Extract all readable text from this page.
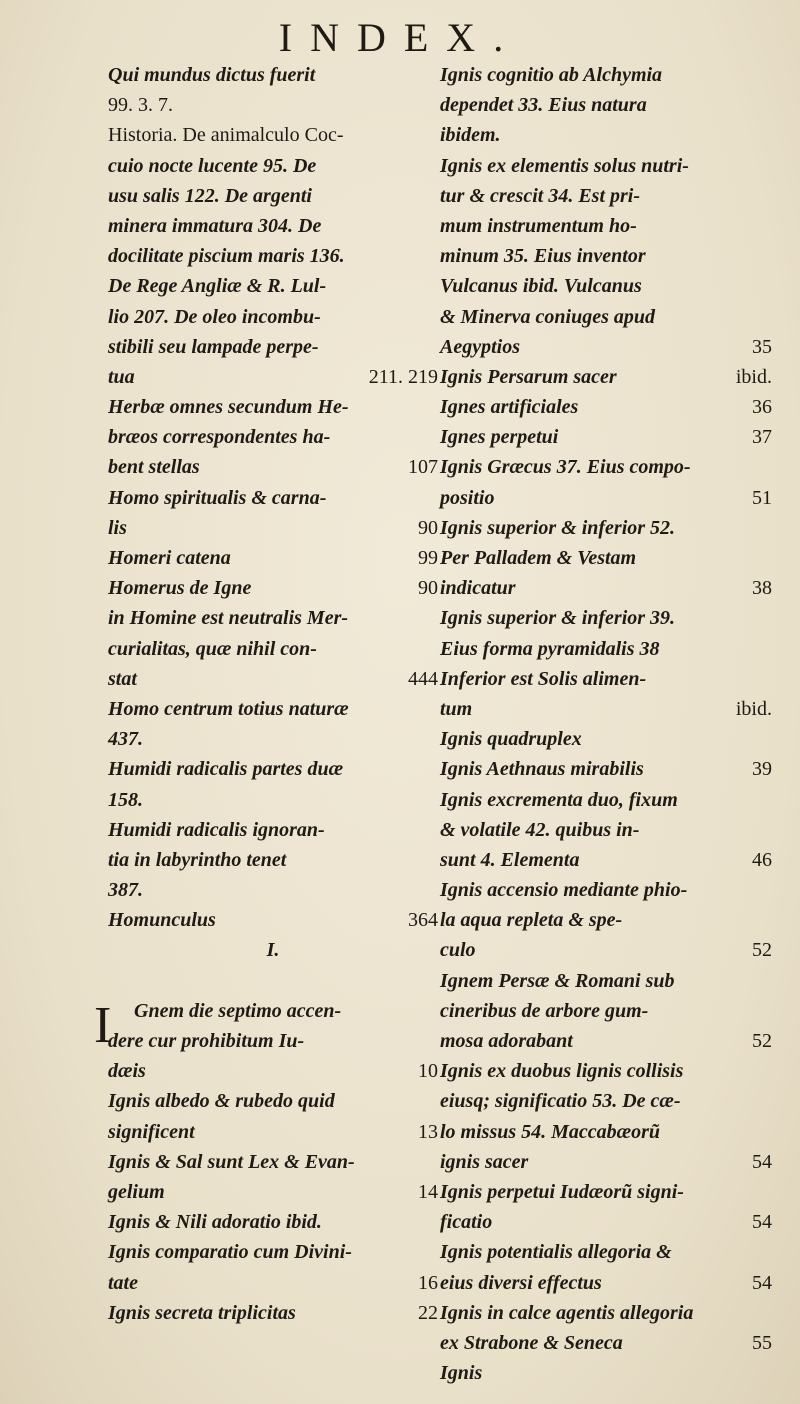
INDEX.
Qui mundus dictus fuerit
99. 3. 7.
Historia. De animalculo Coc-
cuio nocte lucente 95. De
usu salis 122. De argenti
minera immatura 304. De
docilitate piscium maris 136.
De Rege Angliæ & R. Lul-
lio 207. De oleo incombu-
stibili seu lampade perpe-
tua	211. 219
Herbæ omnes secundum He-
bræos correspondentes ha-
bent stellas	107
Homo spiritualis & carna-
lis	90
Homeri catena	99
Homerus de Igne	90
in Homine est neutralis Mer-
curialitas, quæ nihil con-
stat	444
Homo centrum totius naturæ
437.
Humidi radicalis partes duæ
158.
Humidi radicalis ignoran-
tia in labyrintho tenet
387.
Homunculus	364
I.
I Gnem die septimo accen-
dere cur prohibitum Iu-
dæis	10
Ignis albedo & rubedo quid
significent	13
Ignis & Sal sunt Lex & Evan-
gelium	14
Ignis & Nili adoratio ibid.
Ignis comparatio cum Divini-
tate	16
Ignis secreta triplicitas	22
Ignis cognitio ab Alchymia
dependet 33. Eius natura
ibidem.
Ignis ex elementis solus nutri-
tur & crescit 34. Est pri-
mum instrumentum ho-
minum 35. Eius inventor
Vulcanus ibid. Vulcanus
& Minerva coniuges apud
Aegyptios	35
Ignis Persarum sacer	ibid.
Ignes artificiales	36
Ignes perpetui	37
Ignis Græcus 37. Eius compo-
positio	51
Ignis superior & inferior 52.
Per Palladem & Vestam
indicatur	38
Ignis superior & inferior 39.
Eius forma pyramidalis 38
Inferior est Solis alimen-
tum	ibid.
Ignis quadruplex
Ignis Aethnaus mirabilis	39
Ignis excrementa duo, fixum
& volatile 42. quibus in-
sunt 4. Elementa	46
Ignis accensio mediante phio-
la aqua repleta & spe-
culo	52
Ignem Persæ & Romani sub
cineribus de arbore gum-
mosa adorabant	52
Ignis ex duobus lignis collisis
eiusq; significatio 53. De cæ-
lo missus 54. Maccabæorũ
ignis sacer	54
Ignis perpetui Iudæorũ signi-
ficatio	54
Ignis potentialis allegoria &
eius diversi effectus	54
Ignis in calce agentis allegoria
ex Strabone & Seneca	55
Ignis
